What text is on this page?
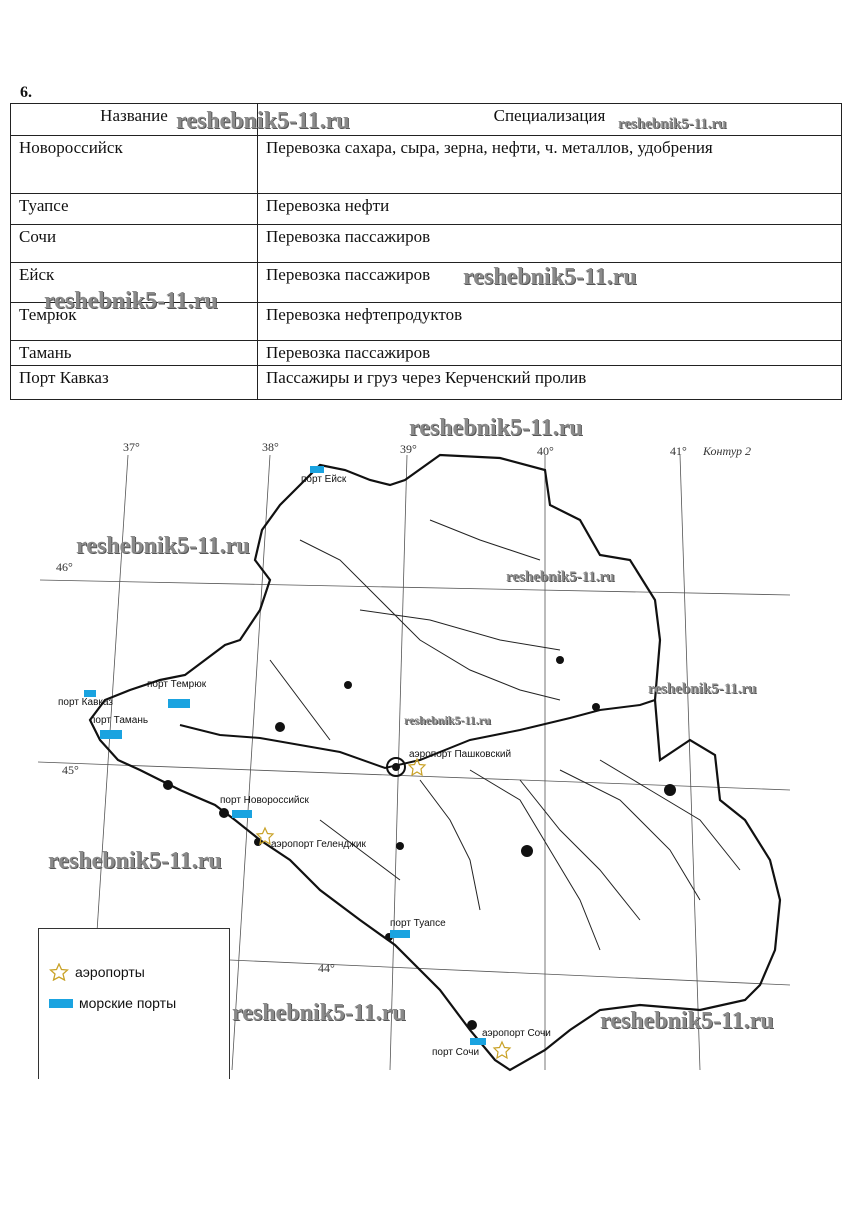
6.
Название	Специализация
Новороссийск	Перевозка сахара, сыра, зерна, нефти, ч. металлов, удобрения
Туапсе	Перевозка нефти
Сочи	Перевозка пассажиров
Ейск	Перевозка пассажиров
Темрюк	Перевозка нефтепродуктов
Тамань	Перевозка пассажиров
Порт Кавказ	Пассажиры и груз через Керченский пролив
37°	38°	39°	40°	41° Контур 2
46°
45°
44°
порт Ейск
порт Темрюк
порт Кавказ
порт Тамань
порт Новороссийск
порт Туапсе
порт Сочи
аэропорт Пашковский
аэропорт Геленджик
аэропорт Сочи
аэропорты
морские порты
reshebnik5-11.ru	reshebnik5-11.ru
reshebnik5-11.ru
reshebnik5-11.ru
reshebnik5-11.ru
reshebnik5-11.ru
reshebnik5-11.ru
reshebnik5-11.ru
reshebnik5-11.ru
reshebnik5-11.ru
reshebnik5-11.ru	reshebnik5-11.ru
